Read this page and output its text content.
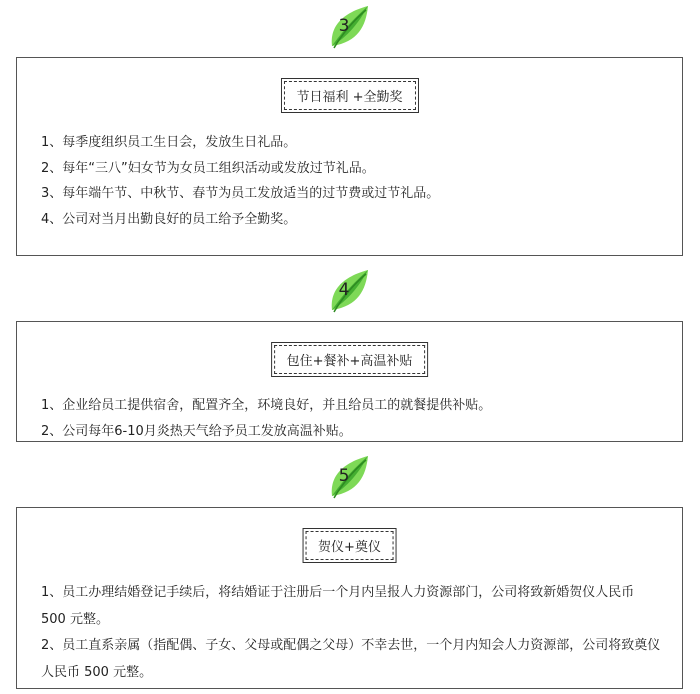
3
节日福利 +全勤奖
1、每季度组织员工生日会，发放生日礼品。
2、每年“三八”妇女节为女员工组织活动或发放过节礼品。
3、每年端午节、中秋节、春节为员工发放适当的过节费或过节礼品。
4、公司对当月出勤良好的员工给予全勤奖。
4
包住+餐补+高温补贴
1、企业给员工提供宿舍，配置齐全，环境良好，并且给员工的就餐提供补贴。
2、公司每年6-10月炎热天气给予员工发放高温补贴。
5
贺仪+奠仪
1、员工办理结婚登记手续后，将结婚证于注册后一个月内呈报人力资源部门，公司将致新婚贺仪人民币 500 元整。
2、员工直系亲属（指配偶、子女、父母或配偶之父母）不幸去世，一个月内知会人力资源部，公司将致奠仪人民币 500 元整。
